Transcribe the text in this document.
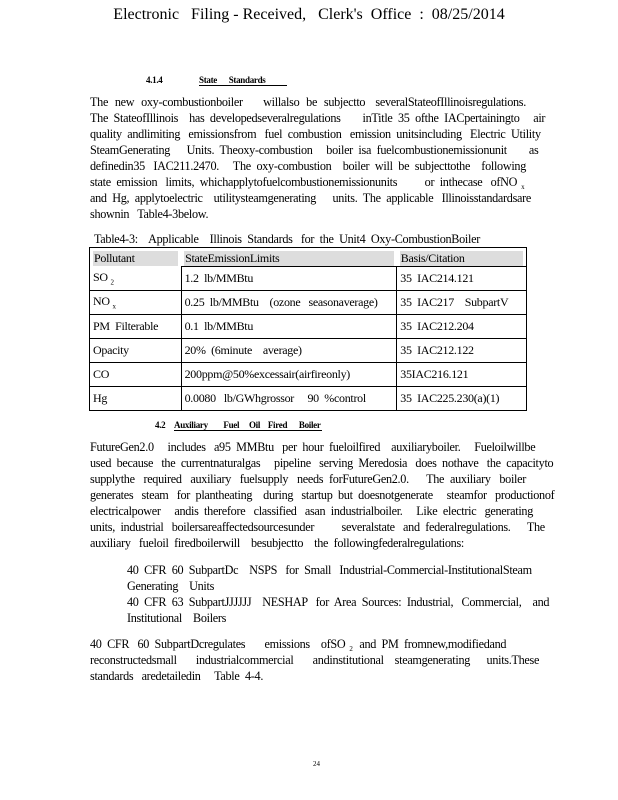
Electronic   Filing - Received,   Clerk's  Office  :  08/25/2014
4.1.4	State      Standards
The  new  oxy-combustionboiler      willalso  be  subjectto   severalStateofIllinoisregulations.
The  StateofIllinois    has  developedseveralregulations        inTitle  35  ofthe  IACpertainingto     air
quality  andlimiting   emissionsfrom   fuel  combustion   emission  unitsincluding   Electric  Utility
SteamGenerating      Units.  Theoxy-combustion     boiler  isa  fuelcombustionemissionunit        as
definedin35   IAC211.2470.     The  oxy-combustion    boiler  will  be  subjecttothe    following
state  emission   limits,  whichapplytofuelcombustionemissionunits          or  inthecase   ofNO $_x$
and  Hg,  applytoelectric    utilitysteamgenerating      units.  The  applicable   Illinoisstandardsare
shownin   Table4-3below.
Table4-3:    Applicable    Illinois  Standards   for  the  Unit4  Oxy-CombustionBoiler
Pollutant	StateEmissionLimits	Basis/Citation

SO $_2$	1.2  lb/MMBtu	35  IAC214.121
NO $_x$	0.25  lb/MMBtu    (ozone   seasonaverage)	35  IAC217    SubpartV
PM  Filterable	0.1  lb/MMBtu	35  IAC212.204
Opacity	20%  (6minute    average)	35  IAC212.122
CO	200ppm@50%excessair(airfireonly)	35IAC216.121
Hg	0.0080   lb/GWhgrossor     90  %control	35  IAC225.230(a)(1)
4.2 Auxiliary        Fuel     Oil    Fired      Boiler
FutureGen2.0     includes   a95  MMBtu   per  hour  fueloilfired    auxiliaryboiler.     Fueloilwillbe
used  because   the  currentnaturalgas     pipeline   serving  Meredosia   does  nothave   the  capacityto
supplythe   required   auxiliary   fuelsupply   needs  forFutureGen2.0.      The  auxiliary   boiler
generates   steam   for  plantheating    during   startup  but  doesnotgenerate     steamfor   productionof
electricalpower     andis  therefore   classified   asan  industrialboiler.     Like  electric   generating
units,  industrial   boilersareaffectedsourcesunder          severalstate   and  federalregulations.      The
auxiliary   fueloil  firedboilerwill    besubjectto    the  followingfederalregulations:
40  CFR  60  SubpartDc    NSPS   for  Small   Industrial-Commercial-InstitutionalSteam
Generating    Units
40  CFR  63  SubpartJJJJJJ    NESHAP   for  Area  Sources:  Industrial,   Commercial,    and
Institutional    Boilers
40  CFR   60  SubpartDcregulates       emissions    ofSO $_2$ and  PM  fromnew,modifiedand
reconstructedsmall       industrialcommercial       andinstitutional    steamgenerating      units.These
standards   aredetailedin     Table  4-4.
24
